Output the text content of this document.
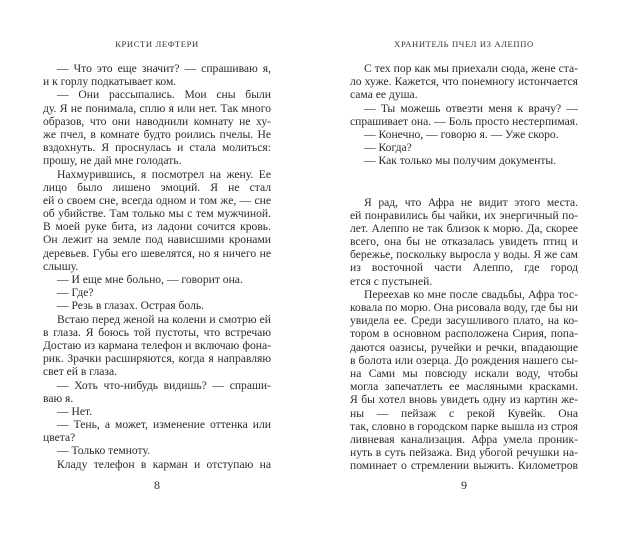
КРИСТИ ЛЕФТЕРИ
— Что это еще значит? — спрашиваю я,
и к горлу подкатывает ком.
— Они рассыпались. Мои сны были
ду. Я не понимала, сплю я или нет. Так много
образов, что они наводнили комнату не ху-
же пчел, в комнате будто роились пчелы. Не
вздохнуть. Я проснулась и стала молиться:
прошу, не дай мне голодать.
Нахмурившись, я посмотрел на жену. Ее
лицо было лишено эмоций. Я не стал
ей о своем сне, всегда одном и том же, — сне
об убийстве. Там только мы с тем мужчиной.
В моей руке бита, из ладони сочится кровь.
Он лежит на земле под нависшими кронами
деревьев. Губы его шевелятся, но я ничего не
слышу.
— И еще мне больно, — говорит она.
— Где?
— Резь в глазах. Острая боль.
Встаю перед женой на колени и смотрю ей
в глаза. Я боюсь той пустоты, что встречаю
Достаю из кармана телефон и включаю фона-
рик. Зрачки расширяются, когда я направляю
свет ей в глаза.
— Хоть что-нибудь видишь? — спраши-
ваю я.
— Нет.
— Тень, а может, изменение оттенка или
цвета?
— Только темноту.
Кладу телефон в карман и отступаю на
8
ХРАНИТЕЛЬ ПЧЕЛ ИЗ АЛЕППО
С тех пор как мы приехали сюда, жене ста-
ло хуже. Кажется, что понемногу истончается
сама ее душа.
— Ты можешь отвезти меня к врачу? —
спрашивает она. — Боль просто нестерпимая.
— Конечно, — говорю я. — Уже скоро.
— Когда?
— Как только мы получим документы.
Я рад, что Афра не видит этого места.
ей понравились бы чайки, их энергичный по-
лет. Алеппо не так близок к морю. Да, скорее
всего, она бы не отказалась увидеть птиц и
бережье, поскольку выросла у воды. Я же сам
из восточной части Алеппо, где город
ется с пустыней.
Переехав ко мне после свадьбы, Афра тос-
ковала по морю. Она рисовала воду, где бы ни
увидела ее. Среди засушливого плато, на ко-
тором в основном расположена Сирия, попа-
даются оазисы, ручейки и речки, впадающие
в болота или озерца. До рождения нашего сы-
на Сами мы повсюду искали воду, чтобы
могла запечатлеть ее масляными красками.
Я бы хотел вновь увидеть одну из картин же-
ны — пейзаж с рекой Кувейк. Она
так, словно в городском парке вышла из строя
ливневая канализация. Афра умела проник-
нуть в суть пейзажа. Вид убогой речушки на-
поминает о стремлении выжить. Километров
9
